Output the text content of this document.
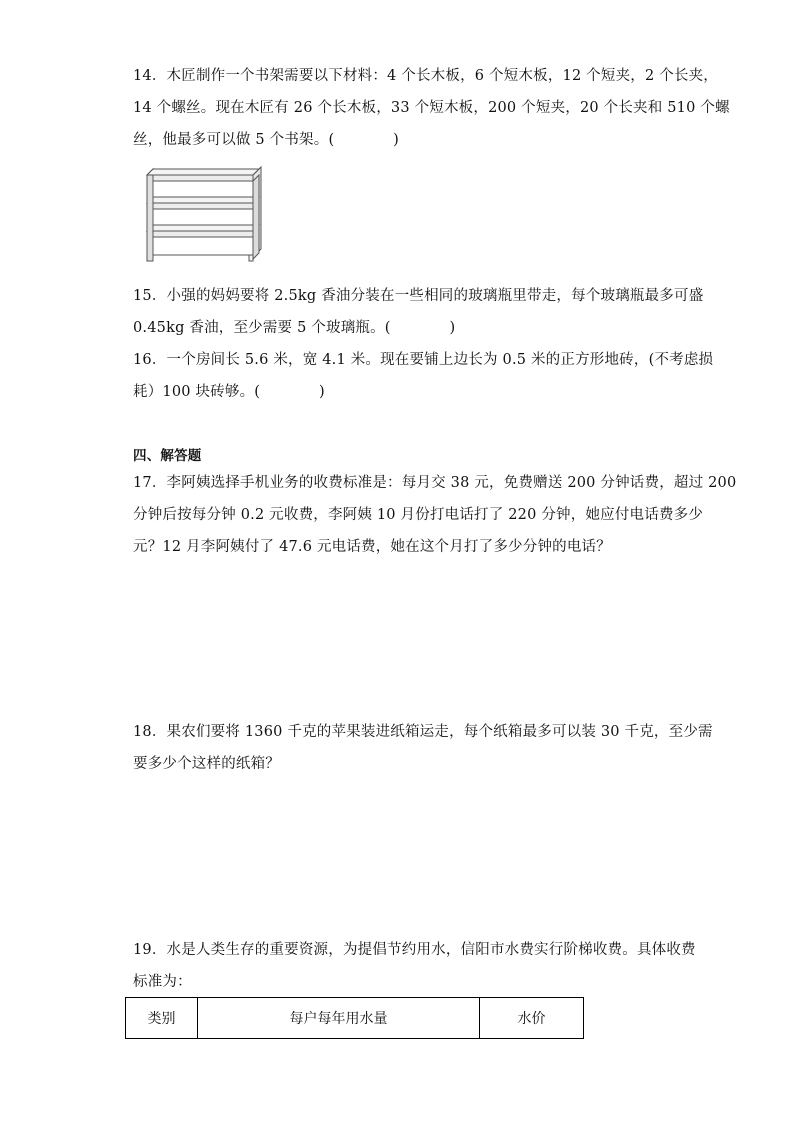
14．木匠制作一个书架需要以下材料：4 个长木板，6 个短木板，12 个短夹，2 个长夹，
14 个螺丝。现在木匠有 26 个长木板，33 个短木板，200 个短夹，20 个长夹和 510 个螺
丝，他最多可以做 5 个书架。(　　　　)
15．小强的妈妈要将 2.5kg 香油分装在一些相同的玻璃瓶里带走，每个玻璃瓶最多可盛
0.45kg 香油，至少需要 5 个玻璃瓶。(　　　　)
16．一个房间长 5.6 米，宽 4.1 米。现在要铺上边长为 0.5 米的正方形地砖，(不考虑损
耗）100 块砖够。(　　　　)
四、解答题
17．李阿姨选择手机业务的收费标准是：每月交 38 元，免费赠送 200 分钟话费，超过 200
分钟后按每分钟 0.2 元收费，李阿姨 10 月份打电话打了 220 分钟，她应付电话费多少
元？12 月李阿姨付了 47.6 元电话费，她在这个月打了多少分钟的电话？
18．果农们要将 1360 千克的苹果装进纸箱运走，每个纸箱最多可以装 30 千克，至少需
要多少个这样的纸箱？
19．水是人类生存的重要资源，为提倡节约用水，信阳市水费实行阶梯收费。具体收费
标准为：
类别	每户每年用水量	水价
